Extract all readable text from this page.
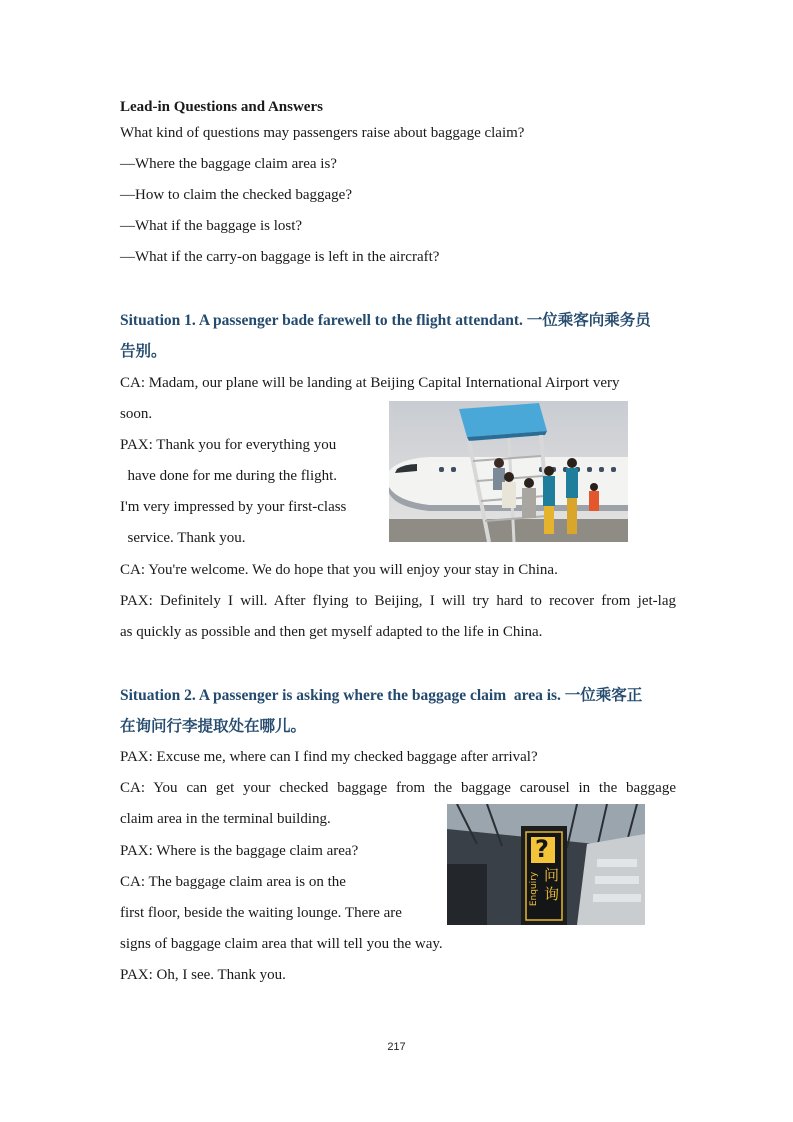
Lead-in Questions and Answers
What kind of questions may passengers raise about baggage claim?
—Where the baggage claim area is?
—How to claim the checked baggage?
—What if the baggage is lost?
—What if the carry-on baggage is left in the aircraft?
Situation 1. A passenger bade farewell to the flight attendant. 一位乘客向乘务员
告别。
CA: Madam, our plane will be landing at Beijing Capital International Airport very
soon.
PAX: Thank you for everything you
have done for me during the flight.
I'm very impressed by your first-class
service. Thank you.
CA: You're welcome. We do hope that you will enjoy your stay in China.
PAX: Definitely I will. After flying to Beijing, I will try hard to recover from jet-lag
as quickly as possible and then get myself adapted to the life in China.
Situation 2. A passenger is asking where the baggage claim  area is. 一位乘客正
在询问行李提取处在哪儿。
PAX: Excuse me, where can I find my checked baggage after arrival?
CA: You can get your checked baggage from the baggage carousel in the baggage
claim area in the terminal building.
PAX: Where is the baggage claim area?
CA: The baggage claim area is on the
first floor, beside the waiting lounge. There are
signs of baggage claim area that will tell you the way.
PAX: Oh, I see. Thank you.
?
Enquiry 问
询
217
